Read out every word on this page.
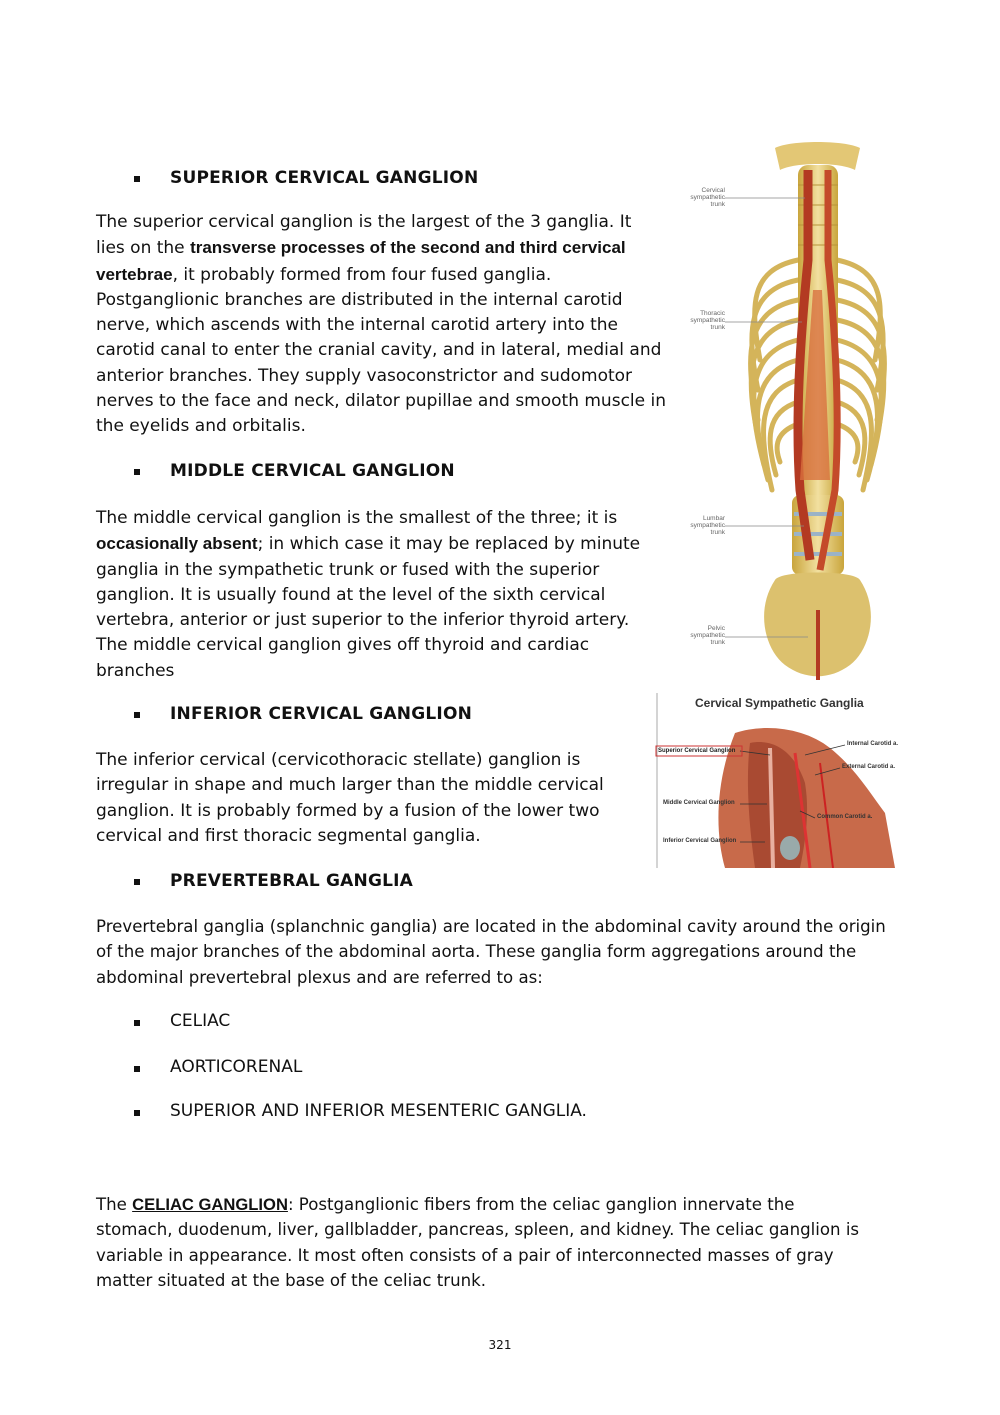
SUPERIOR CERVICAL GANGLION
The superior cervical ganglion is the largest of the 3 ganglia. It
lies on the transverse processes of the second and third cervical
vertebrae, it probably formed from four fused ganglia.
Postganglionic branches are distributed in the internal carotid
nerve, which ascends with the internal carotid artery into the
carotid canal to enter the cranial cavity, and in lateral, medial and
anterior branches. They supply vasoconstrictor and sudomotor
nerves to the face and neck, dilator pupillae and smooth muscle in
the eyelids and orbitalis.
MIDDLE CERVICAL GANGLION
The middle cervical ganglion is the smallest of the three; it is
occasionally absent; in which case it may be replaced by minute
ganglia in the sympathetic trunk or fused with the superior
ganglion. It is usually found at the level of the sixth cervical
vertebra, anterior or just superior to the inferior thyroid artery.
The middle cervical ganglion gives off thyroid and cardiac
branches
INFERIOR CERVICAL GANGLION
The inferior cervical (cervicothoracic stellate) ganglion is
irregular in shape and much larger than the middle cervical
ganglion. It is probably formed by a fusion of the lower two
cervical and first thoracic segmental ganglia.
PREVERTEBRAL GANGLIA
Prevertebral ganglia (splanchnic ganglia) are located in the abdominal cavity around the origin
of the major branches of the abdominal aorta. These ganglia form aggregations around the
abdominal prevertebral plexus and are referred to as:
CELIAC
AORTICORENAL
SUPERIOR AND INFERIOR MESENTERIC GANGLIA.
The CELIAC GANGLION: Postganglionic fibers from the celiac ganglion innervate the
stomach, duodenum, liver, gallbladder, pancreas, spleen, and kidney. The celiac ganglion is
variable in appearance. It most often consists of a pair of interconnected masses of gray
matter situated at the base of the celiac trunk.
321
Cervical
sympathetic
trunk
Thoracic
sympathetic
trunk
Lumbar
sympathetic
trunk
Pelvic
sympathetic
trunk
Cervical Sympathetic Ganglia
Superior Cervical Ganglion
Middle Cervical Ganglion
Inferior Cervical Ganglion
Internal Carotid a.
External Carotid a.
Common Carotid a.
